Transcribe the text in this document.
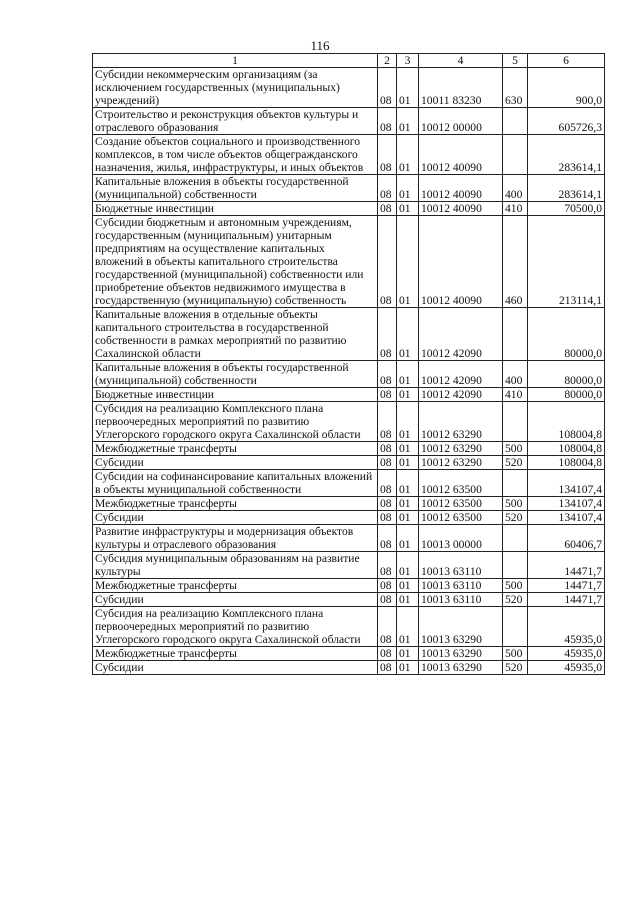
116
1	2	3	4	5	6
Субсидии некоммерческим организациям (за исключением государственных (муниципальных) учреждений)	08	01	10011 83230	630	900,0
Строительство и реконструкция объектов культуры и отраслевого образования	08	01	10012 00000		605726,3
Создание объектов социального и производственного комплексов, в том числе объектов общегражданского назначения, жилья, инфраструктуры, и иных объектов	08	01	10012 40090		283614,1
Капитальные вложения в объекты государственной (муниципальной) собственности	08	01	10012 40090	400	283614,1
Бюджетные инвестиции	08	01	10012 40090	410	70500,0
Субсидии бюджетным и автономным учреждениям, государственным (муниципальным) унитарным предприятиям на осуществление капитальных вложений в объекты капитального строительства государственной (муниципальной) собственности или приобретение объектов недвижимого имущества в государственную (муниципальную) собственность	08	01	10012 40090	460	213114,1
Капитальные вложения в отдельные объекты капитального строительства в государственной собственности в рамках мероприятий по развитию Сахалинской области	08	01	10012 42090		80000,0
Капитальные вложения в объекты государственной (муниципальной) собственности	08	01	10012 42090	400	80000,0
Бюджетные инвестиции	08	01	10012 42090	410	80000,0
Субсидия на реализацию Комплексного плана первоочередных мероприятий по развитию Углегорского городского округа Сахалинской области	08	01	10012 63290		108004,8
Межбюджетные трансферты	08	01	10012 63290	500	108004,8
Субсидии	08	01	10012 63290	520	108004,8
Субсидии на софинансирование капитальных вложений в объекты муниципальной собственности	08	01	10012 63500		134107,4
Межбюджетные трансферты	08	01	10012 63500	500	134107,4
Субсидии	08	01	10012 63500	520	134107,4
Развитие инфраструктуры и модернизация объектов культуры и отраслевого образования	08	01	10013 00000		60406,7
Субсидия муниципальным образованиям на развитие культуры	08	01	10013 63110		14471,7
Межбюджетные трансферты	08	01	10013 63110	500	14471,7
Субсидии	08	01	10013 63110	520	14471,7
Субсидия на реализацию Комплексного плана первоочередных мероприятий по развитию Углегорского городского округа Сахалинской области	08	01	10013 63290		45935,0
Межбюджетные трансферты	08	01	10013 63290	500	45935,0
Субсидии	08	01	10013 63290	520	45935,0
